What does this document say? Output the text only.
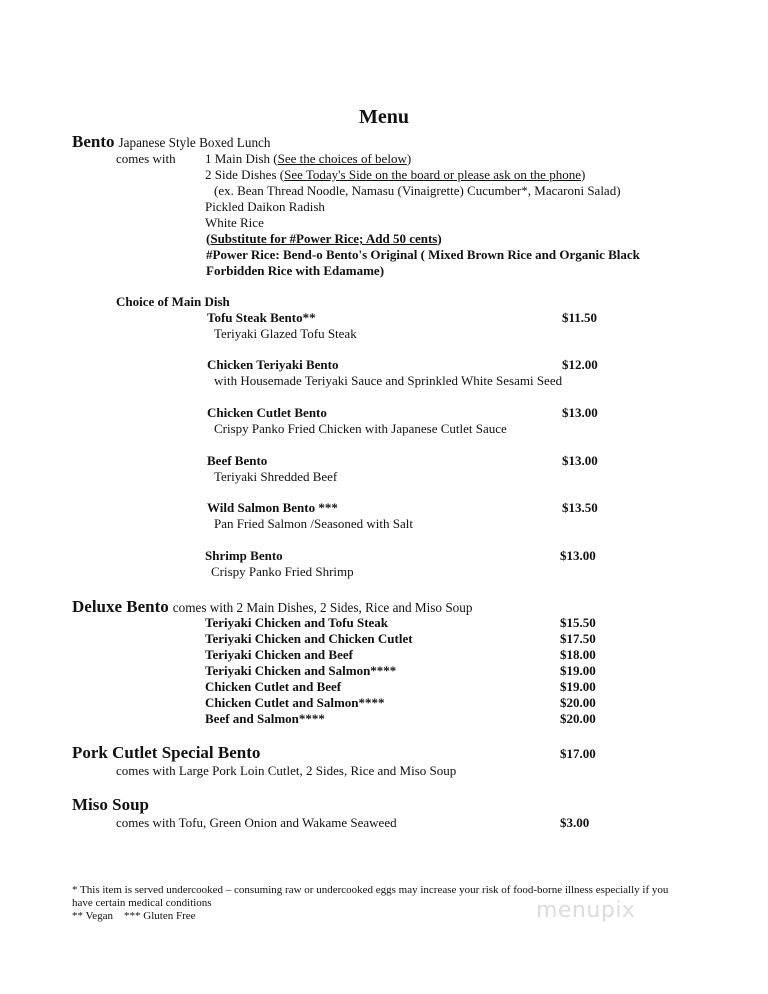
Menu
Bento Japanese Style Boxed Lunch
comes with 1 Main Dish (See the choices of below)
2 Side Dishes (See Today's Side on the board or please ask on the phone)
(ex. Bean Thread Noodle, Namasu (Vinaigrette) Cucumber*, Macaroni Salad)
Pickled Daikon Radish
White Rice
(Substitute for #Power Rice; Add 50 cents)
#Power Rice: Bend-o Bento's Original ( Mixed Brown Rice and Organic Black
Forbidden Rice with Edamame)
Choice of Main Dish
Tofu Steak Bento**	$11.50
Teriyaki Glazed Tofu Steak
Chicken Teriyaki Bento	$12.00
with Housemade Teriyaki Sauce and Sprinkled White Sesami Seed
Chicken Cutlet Bento	$13.00
Crispy Panko Fried Chicken with Japanese Cutlet Sauce
Beef Bento	$13.00
Teriyaki Shredded Beef
Wild Salmon Bento ***	$13.50
Pan Fried Salmon /Seasoned with Salt
Shrimp Bento	$13.00
Crispy Panko Fried Shrimp
Deluxe Bento comes with 2 Main Dishes, 2 Sides, Rice and Miso Soup
Teriyaki Chicken and Tofu Steak	$15.50
Teriyaki Chicken and Chicken Cutlet	$17.50
Teriyaki Chicken and Beef	$18.00
Teriyaki Chicken and Salmon****	$19.00
Chicken Cutlet and Beef	$19.00
Chicken Cutlet and Salmon****	$20.00
Beef and Salmon****	$20.00
Pork Cutlet Special Bento	$17.00
comes with Large Pork Loin Cutlet, 2 Sides, Rice and Miso Soup
Miso Soup
comes with Tofu, Green Onion and Wakame Seaweed	$3.00
* This item is served undercooked – consuming raw or undercooked eggs may increase your risk of food-borne illness especially if you
have certain medical conditions
** Vegan *** Gluten Free	menupix
